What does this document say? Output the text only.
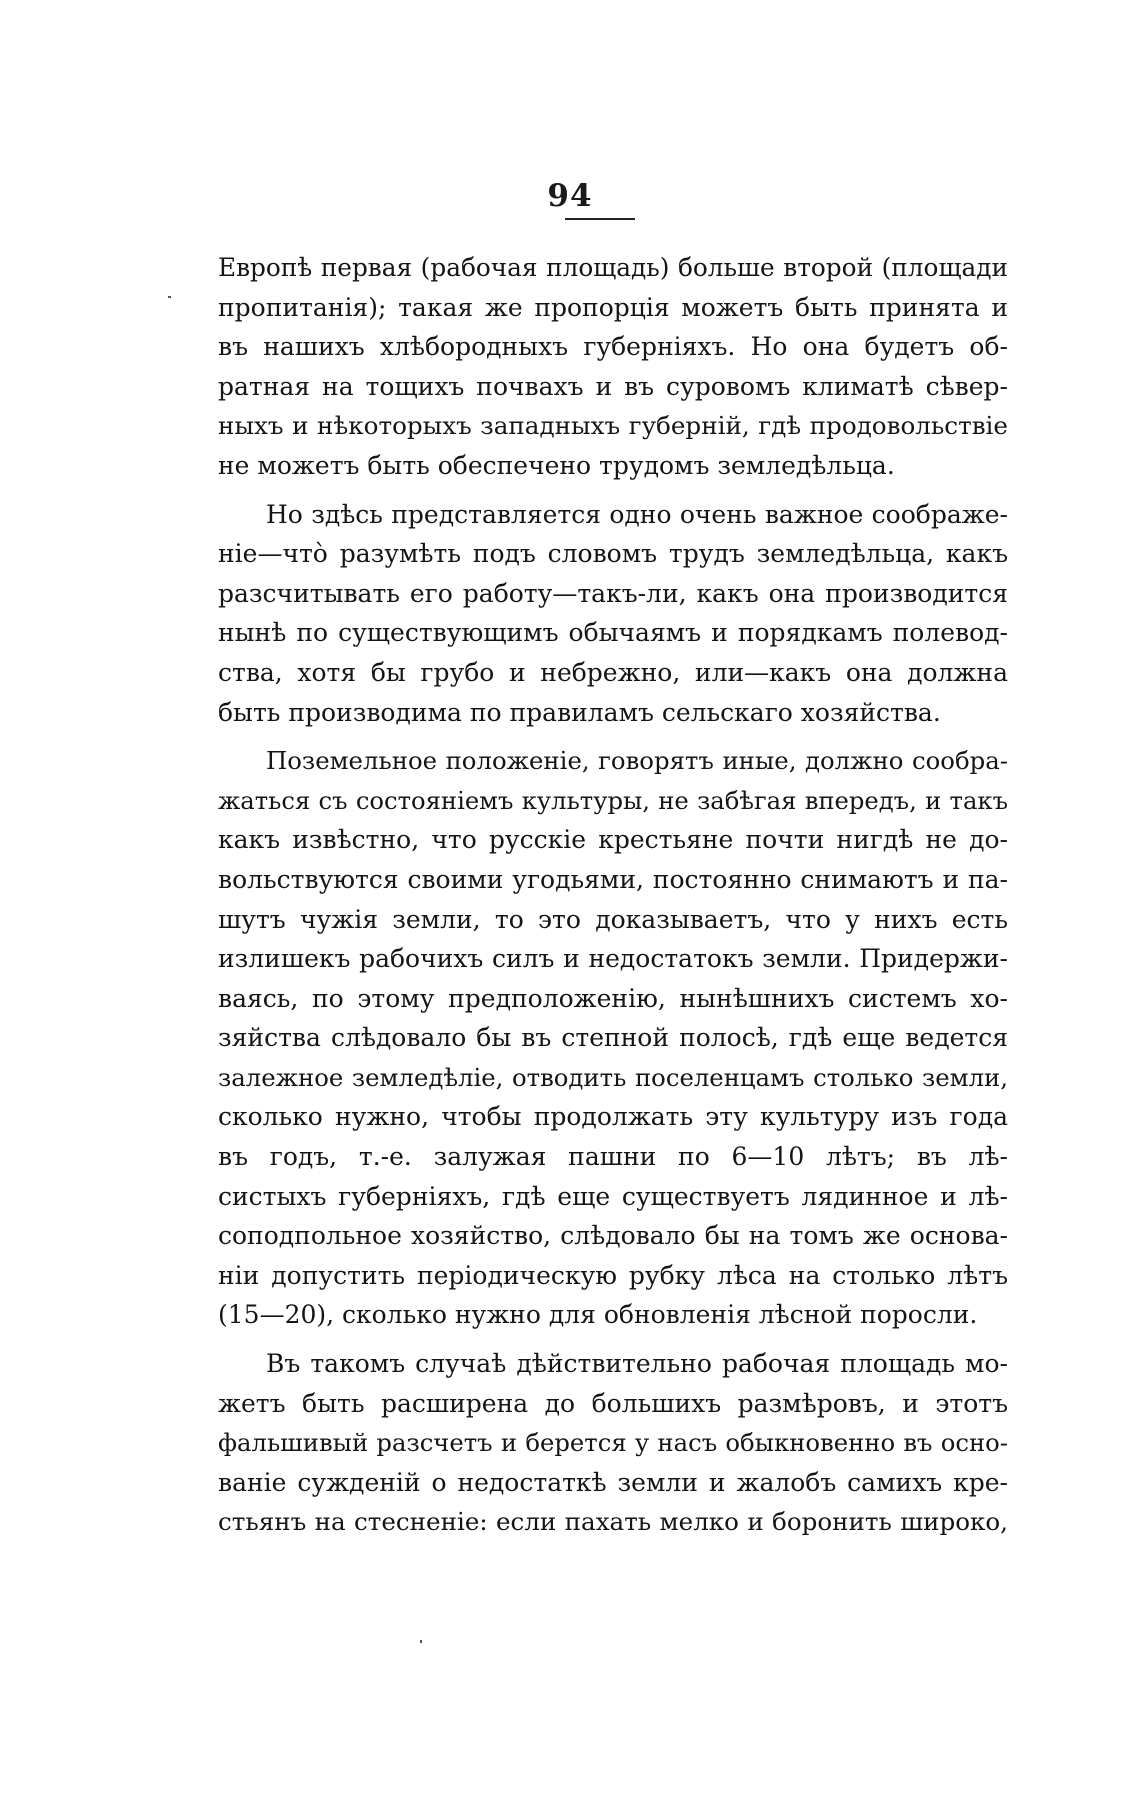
94

Европѣ первая (рабочая площадь) больше второй (площади
пропитанія); такая же пропорція можетъ быть принята и
въ нашихъ хлѣбородныхъ губерніяхъ. Но она будетъ об-
ратная на тощихъ почвахъ и въ суровомъ климатѣ сѣвер-
ныхъ и нѣкоторыхъ западныхъ губерній, гдѣ продовольствіе
не можетъ быть обеспечено трудомъ земледѣльца.

Но здѣсь представляется одно очень важное соображе-
ніе—что̀ разумѣть подъ словомъ трудъ земледѣльца, какъ
разсчитывать его работу—такъ-ли, какъ она производится
нынѣ по существующимъ обычаямъ и порядкамъ полевод-
ства, хотя бы грубо и небрежно, или—какъ она должна
быть производима по правиламъ сельскаго хозяйства.

Поземельное положеніе, говорятъ иные, должно сообра-
жаться съ состояніемъ культуры, не забѣгая впередъ, и такъ
какъ извѣстно, что русскіе крестьяне почти нигдѣ не до-
вольствуются своими угодьями, постоянно снимаютъ и па-
шутъ чужія земли, то это доказываетъ, что у нихъ есть
излишекъ рабочихъ силъ и недостатокъ земли. Придержи-
ваясь, по этому предположенію, нынѣшнихъ системъ хо-
зяйства слѣдовало бы въ степной полосѣ, гдѣ еще ведется
залежное земледѣліе, отводить поселенцамъ столько земли,
сколько нужно, чтобы продолжать эту культуру изъ года
въ годъ, т.-е. залужая пашни по 6—10 лѣтъ; въ лѣ-
систыхъ губерніяхъ, гдѣ еще существуетъ лядинное и лѣ-
соподпольное хозяйство, слѣдовало бы на томъ же основа-
ніи допустить періодическую рубку лѣса на столько лѣтъ
(15—20), сколько нужно для обновленія лѣсной поросли.

Въ такомъ случаѣ дѣйствительно рабочая площадь мо-
жетъ быть расширена до большихъ размѣровъ, и этотъ
фальшивый разсчетъ и берется у насъ обыкновенно въ осно-
ваніе сужденій о недостаткѣ земли и жалобъ самихъ кре-
стьянъ на стесненіе: если пахать мелко и боронить широко,
